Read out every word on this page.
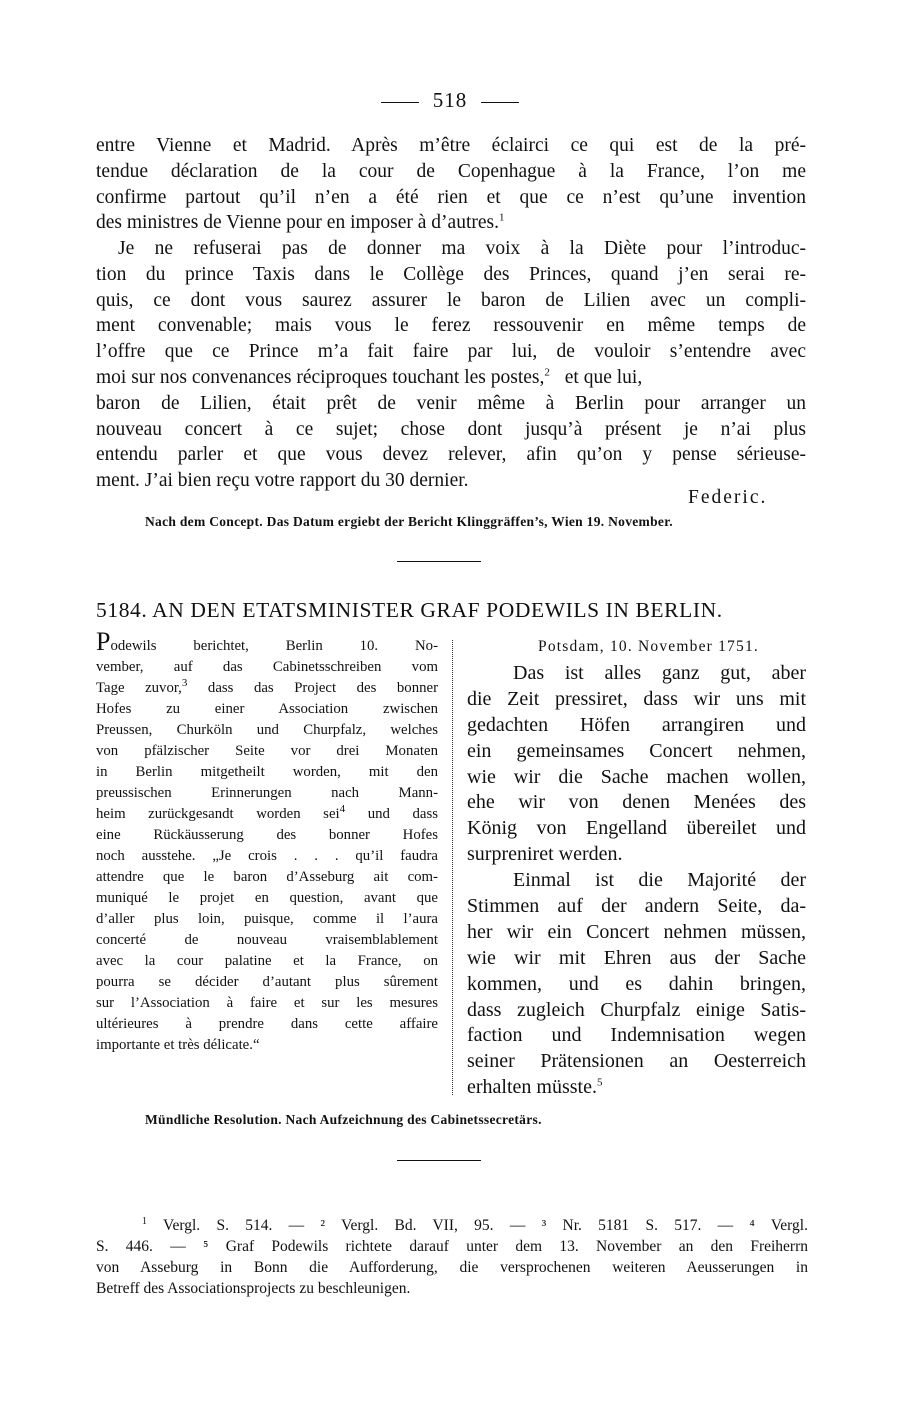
518
entre Vienne et Madrid. Après m’être éclairci ce qui est de la pré-
tendue déclaration de la cour de Copenhague à la France, l’on me
confirme partout qu’il n’en a été rien et que ce n’est qu’une invention
des ministres de Vienne pour en imposer à d’autres.$^1$
Je ne refuserai pas de donner ma voix à la Diète pour l’introduc-
tion du prince Taxis dans le Collège des Princes, quand j’en serai re-
quis, ce dont vous saurez assurer le baron de Lilien avec un compli-
ment convenable; mais vous le ferez ressouvenir en même temps de
l’offre que ce Prince m’a fait faire par lui, de vouloir s’entendre avec
moi sur nos convenances réciproques touchant les postes,$^2$ et que lui,
baron de Lilien, était prêt de venir même à Berlin pour arranger un
nouveau concert à ce sujet; chose dont jusqu’à présent je n’ai plus
entendu parler et que vous devez relever, afin qu’on y pense sérieuse-
ment. J’ai bien reçu votre rapport du 30 dernier.
Federic.
Nach dem Concept. Das Datum ergiebt der Bericht Klinggräffen’s, Wien 19. November.
5184. AN DEN ETATSMINISTER GRAF PODEWILS IN BERLIN.
Podewils berichtet, Berlin 10. No-
vember, auf das Cabinetsschreiben vom
Tage zuvor,$^3$ dass das Project des bonner
Hofes zu einer Association zwischen
Preussen, Churköln und Churpfalz, welches
von pfälzischer Seite vor drei Monaten
in Berlin mitgetheilt worden, mit den
preussischen Erinnerungen nach Mann-
heim zurückgesandt worden sei$^4$ und dass
eine Rückäusserung des bonner Hofes
noch ausstehe. „Je crois . . . qu’il faudra
attendre que le baron d’Asseburg ait com-
muniqué le projet en question, avant que
d’aller plus loin, puisque, comme il l’aura
concerté de nouveau vraisemblablement
avec la cour palatine et la France, on
pourra se décider d’autant plus sûrement
sur l’Association à faire et sur les mesures
ultérieures à prendre dans cette affaire
importante et très délicate.“
Potsdam, 10. November 1751.
Das ist alles ganz gut, aber
die Zeit pressiret, dass wir uns mit
gedachten Höfen arrangiren und
ein gemeinsames Concert nehmen,
wie wir die Sache machen wollen,
ehe wir von denen Menées des
König von Engelland übereilet und
surpreniret werden.
Einmal ist die Majorité der
Stimmen auf der andern Seite, da-
her wir ein Concert nehmen müssen,
wie wir mit Ehren aus der Sache
kommen, und es dahin bringen,
dass zugleich Churpfalz einige Satis-
faction und Indemnisation wegen
seiner Prätensionen an Oesterreich
erhalten müsste.$^5$
Mündliche Resolution. Nach Aufzeichnung des Cabinetssecretärs.
$^1$ Vergl. S. 514. — ² Vergl. Bd. VII, 95. — ³ Nr. 5181 S. 517. — ⁴ Vergl.
S. 446. — ⁵ Graf Podewils richtete darauf unter dem 13. November an den Freiherrn
von Asseburg in Bonn die Aufforderung, die versprochenen weiteren Aeusserungen in
Betreff des Associationsprojects zu beschleunigen.
